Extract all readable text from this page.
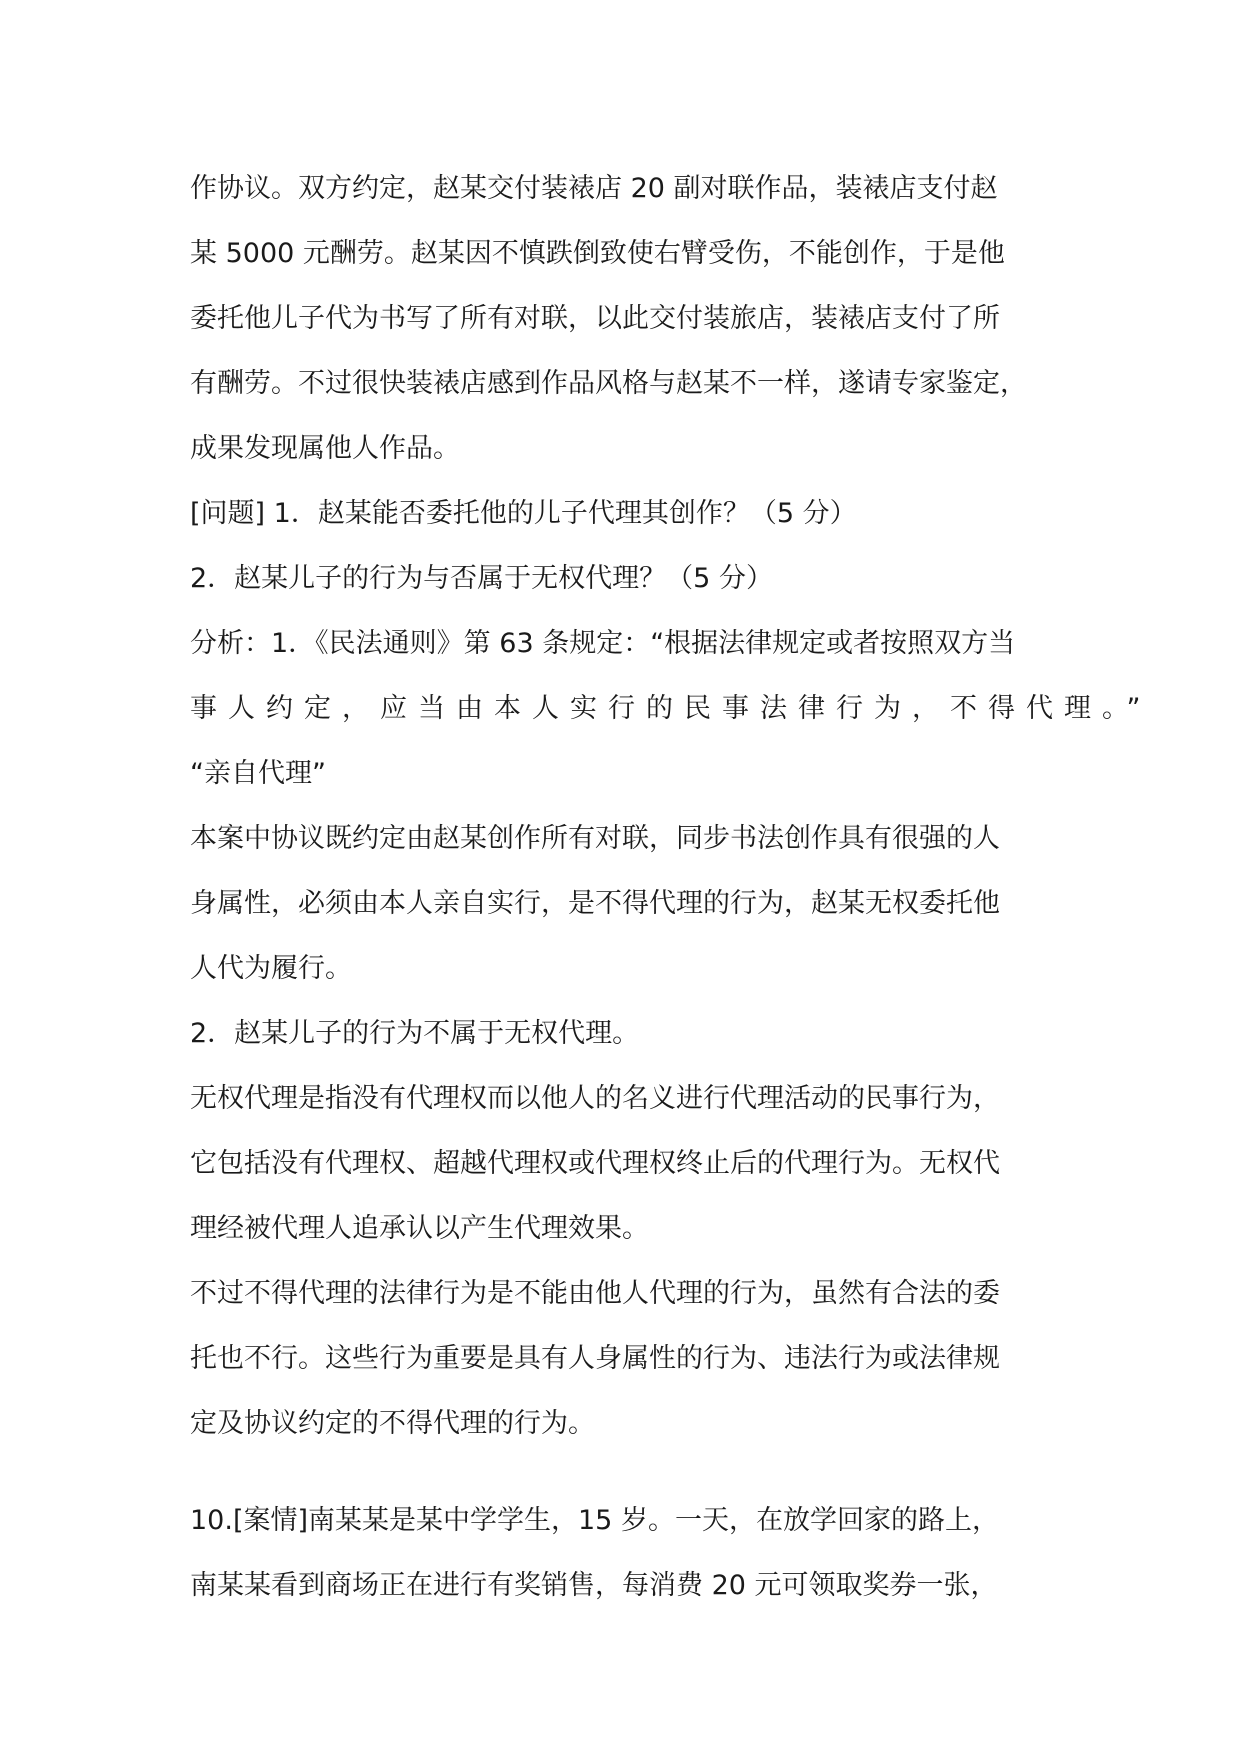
作协议。双方约定，赵某交付装裱店 20 副对联作品，装裱店支付赵
某 5000 元酬劳。赵某因不慎跌倒致使右臂受伤，不能创作，于是他
委托他儿子代为书写了所有对联，以此交付装旅店，装裱店支付了所
有酬劳。不过很快装裱店感到作品风格与赵某不一样，遂请专家鉴定，
成果发现属他人作品。
[问题] 1．赵某能否委托他的儿子代理其创作？（5 分）
2．赵某儿子的行为与否属于无权代理？（5 分）
分析：1．《民法通则》第 63 条规定：“根据法律规定或者按照双方当
事人约定，应当由本人实行的民事法律行为，不得代理。”
“亲自代理”
本案中协议既约定由赵某创作所有对联，同步书法创作具有很强的人
身属性，必须由本人亲自实行，是不得代理的行为，赵某无权委托他
人代为履行。
2．赵某儿子的行为不属于无权代理。
无权代理是指没有代理权而以他人的名义进行代理活动的民事行为，
它包括没有代理权、超越代理权或代理权终止后的代理行为。无权代
理经被代理人追承认以产生代理效果。
不过不得代理的法律行为是不能由他人代理的行为，虽然有合法的委
托也不行。这些行为重要是具有人身属性的行为、违法行为或法律规
定及协议约定的不得代理的行为。
10.[案情]南某某是某中学学生，15 岁。一天，在放学回家的路上，
南某某看到商场正在进行有奖销售，每消费 20 元可领取奖券一张，
